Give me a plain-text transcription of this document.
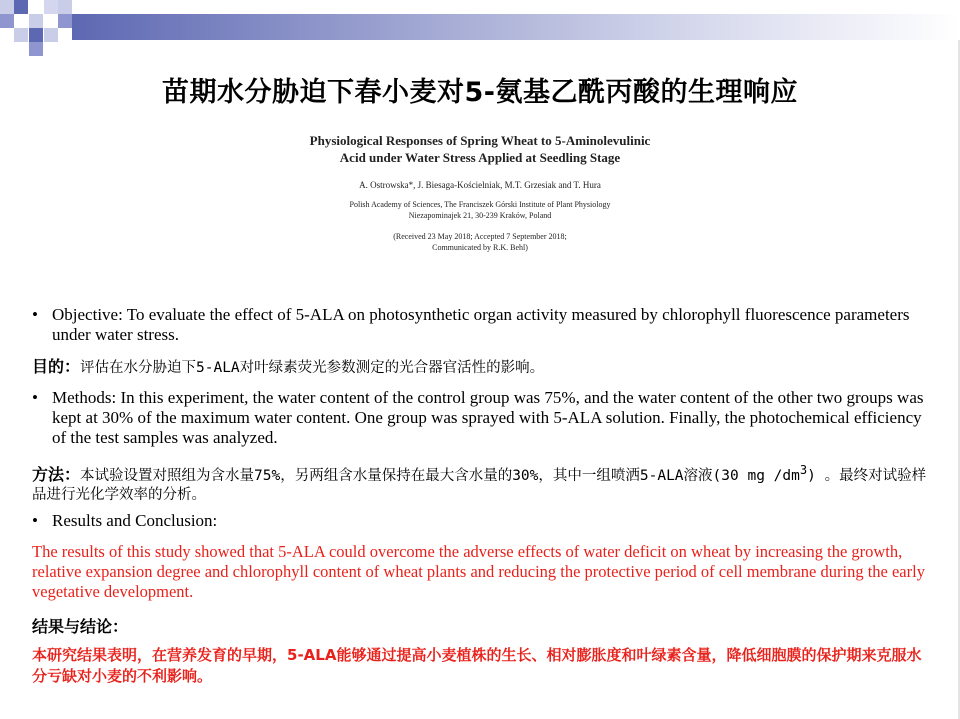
苗期水分胁迫下春小麦对5-氨基乙酰丙酸的生理响应
Physiological Responses of Spring Wheat to 5-Aminolevulinic
Acid under Water Stress Applied at Seedling Stage
A. Ostrowska*, J. Biesaga-Kościelniak, M.T. Grzesiak and T. Hura
Polish Academy of Sciences, The Franciszek Górski Institute of Plant Physiology
Niezapominajek 21, 30-239 Kraków, Poland
(Received 23 May 2018; Accepted 7 September 2018;
Communicated by R.K. Behl)
• Objective: To evaluate the effect of 5-ALA on photosynthetic organ activity measured by chlorophyll fluorescence parameters under water stress.
目的：评估在水分胁迫下5-ALA对叶绿素荧光参数测定的光合器官活性的影响。
• Methods: In this experiment, the water content of the control group was 75%, and the water content of the other two groups was kept at 30% of the maximum water content. One group was sprayed with 5-ALA solution. Finally, the photochemical efficiency of the test samples was analyzed.
方法：本试验设置对照组为含水量75%，另两组含水量保持在最大含水量的30%，其中一组喷洒5-ALA溶液(30 mg $/dm^3$) 。最终对试验样品进行光化学效率的分析。
• Results and Conclusion:
The results of this study showed that 5-ALA could overcome the adverse effects of water deficit on wheat by increasing the growth, relative expansion degree and chlorophyll content of wheat plants and reducing the protective period of cell membrane during the early vegetative development.
结果与结论：
本研究结果表明，在营养发育的早期，5-ALA能够通过提高小麦植株的生长、相对膨胀度和叶绿素含量，降低细胞膜的保护期来克服水分亏缺对小麦的不利影响。
